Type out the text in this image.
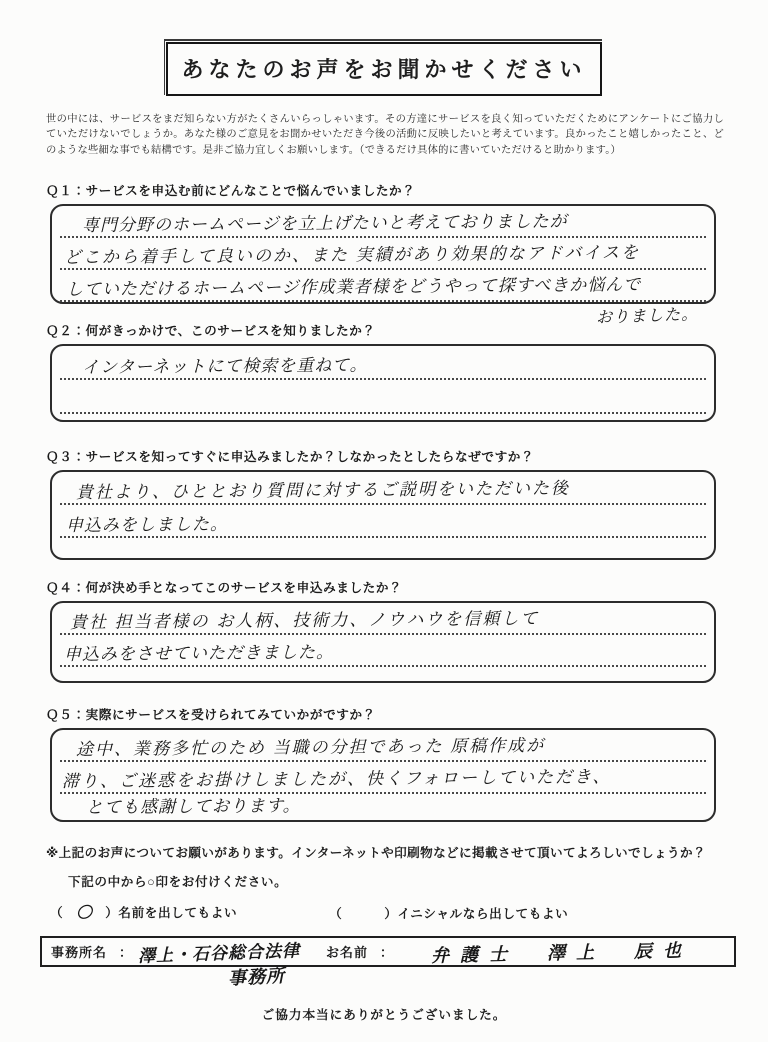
あなたのお声をお聞かせください

世の中には、サービスをまだ知らない方がたくさんいらっしゃいます。その方達にサービスを良く知っていただくためにアンケートにご協力していただけないでしょうか。あなた様のご意見をお聞かせいただき今後の活動に反映したいと考えています。良かったこと嬉しかったこと、どのような些細な事でも結構です。是非ご協力宜しくお願いします。（できるだけ具体的に書いていただけると助かります。）

Ｑ１：サービスを申込む前にどんなことで悩んでいましたか？
専門分野のホームページを立上げたいと考えておりましたが
どこから着手して良いのか、また 実績があり効果的なアドバイスを
していただけるホームページ作成業者様をどうやって探すべきか悩んで
おりました。
Ｑ２：何がきっかけで、このサービスを知りましたか？
インターネットにて検索を重ねて。
Ｑ３：サービスを知ってすぐに申込みましたか？しなかったとしたらなぜですか？
貴社より、ひととおり質問に対するご説明をいただいた後
申込みをしました。
Ｑ４：何が決め手となってこのサービスを申込みましたか？
貴社 担当者様の お人柄、技術力、ノウハウを信頼して
申込みをさせていただきました。
Ｑ５：実際にサービスを受けられてみていかがですか？
途中、業務多忙のため 当職の分担であった 原稿作成が
滞り、ご迷惑をお掛けしましたが、快くフォローしていただき、
とても感謝しております。
※上記のお声についてお願いがあります。インターネットや印刷物などに掲載させて頂いてよろしいでしょうか？
下記の中から○印をお付けください。
（ 〇 ）名前を出してもよい	（	）イニシャルなら出してもよい
事務所名 ： 澤上・石谷総合法律
事務所
お名前 ： 弁護士　澤上　辰也
ご協力本当にありがとうございました。
